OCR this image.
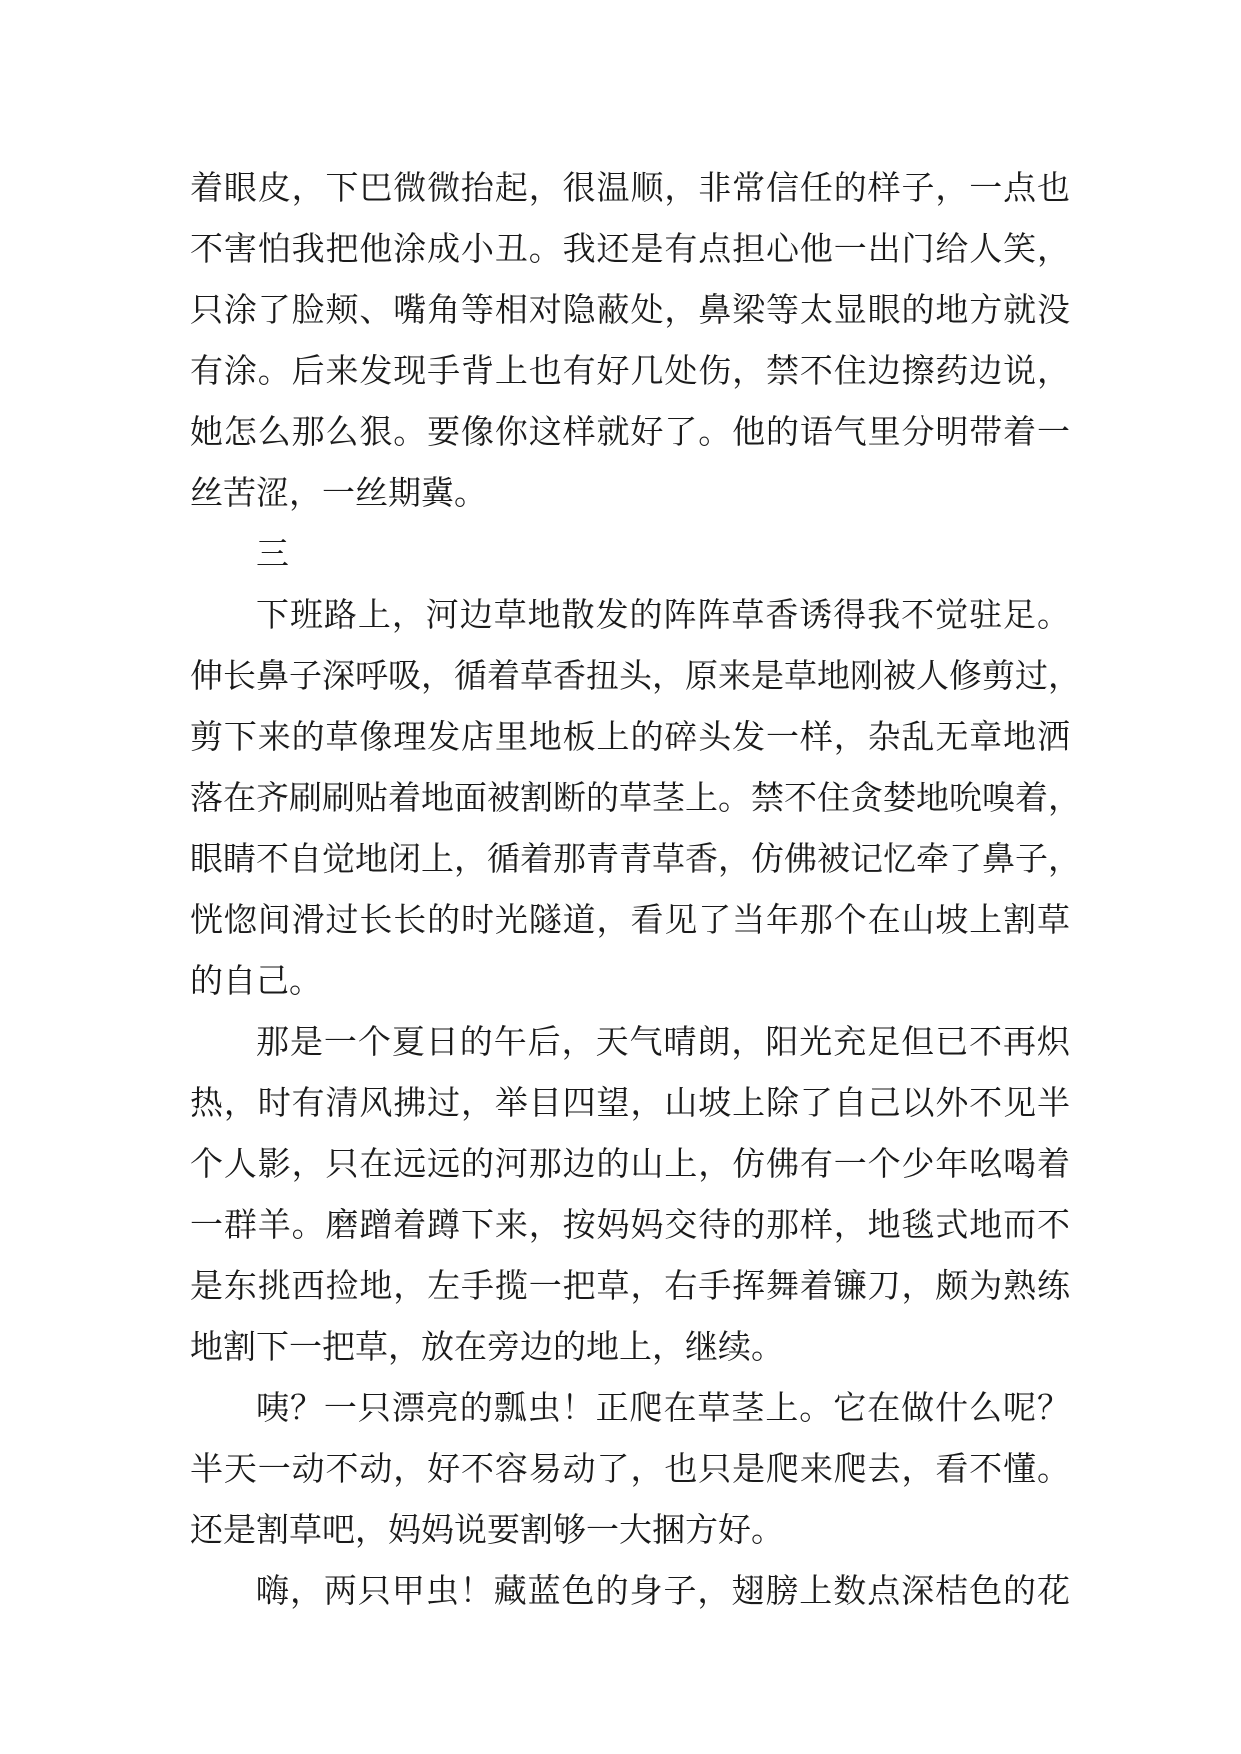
着眼皮，下巴微微抬起，很温顺，非常信任的样子，一点也
不害怕我把他涂成小丑。我还是有点担心他一出门给人笑，
只涂了脸颊、嘴角等相对隐蔽处，鼻梁等太显眼的地方就没
有涂。后来发现手背上也有好几处伤，禁不住边擦药边说，
她怎么那么狠。要像你这样就好了。他的语气里分明带着一
丝苦涩，一丝期冀。
三
下班路上，河边草地散发的阵阵草香诱得我不觉驻足。
伸长鼻子深呼吸，循着草香扭头，原来是草地刚被人修剪过，
剪下来的草像理发店里地板上的碎头发一样，杂乱无章地洒
落在齐刷刷贴着地面被割断的草茎上。禁不住贪婪地吮嗅着，
眼睛不自觉地闭上，循着那青青草香，仿佛被记忆牵了鼻子，
恍惚间滑过长长的时光隧道，看见了当年那个在山坡上割草
的自己。
那是一个夏日的午后，天气晴朗，阳光充足但已不再炽
热，时有清风拂过，举目四望，山坡上除了自己以外不见半
个人影，只在远远的河那边的山上，仿佛有一个少年吆喝着
一群羊。磨蹭着蹲下来，按妈妈交待的那样，地毯式地而不
是东挑西捡地，左手揽一把草，右手挥舞着镰刀，颇为熟练
地割下一把草，放在旁边的地上，继续。
咦？一只漂亮的瓢虫！正爬在草茎上。它在做什么呢？
半天一动不动，好不容易动了，也只是爬来爬去，看不懂。
还是割草吧，妈妈说要割够一大捆方好。
嗨，两只甲虫！藏蓝色的身子，翅膀上数点深桔色的花
